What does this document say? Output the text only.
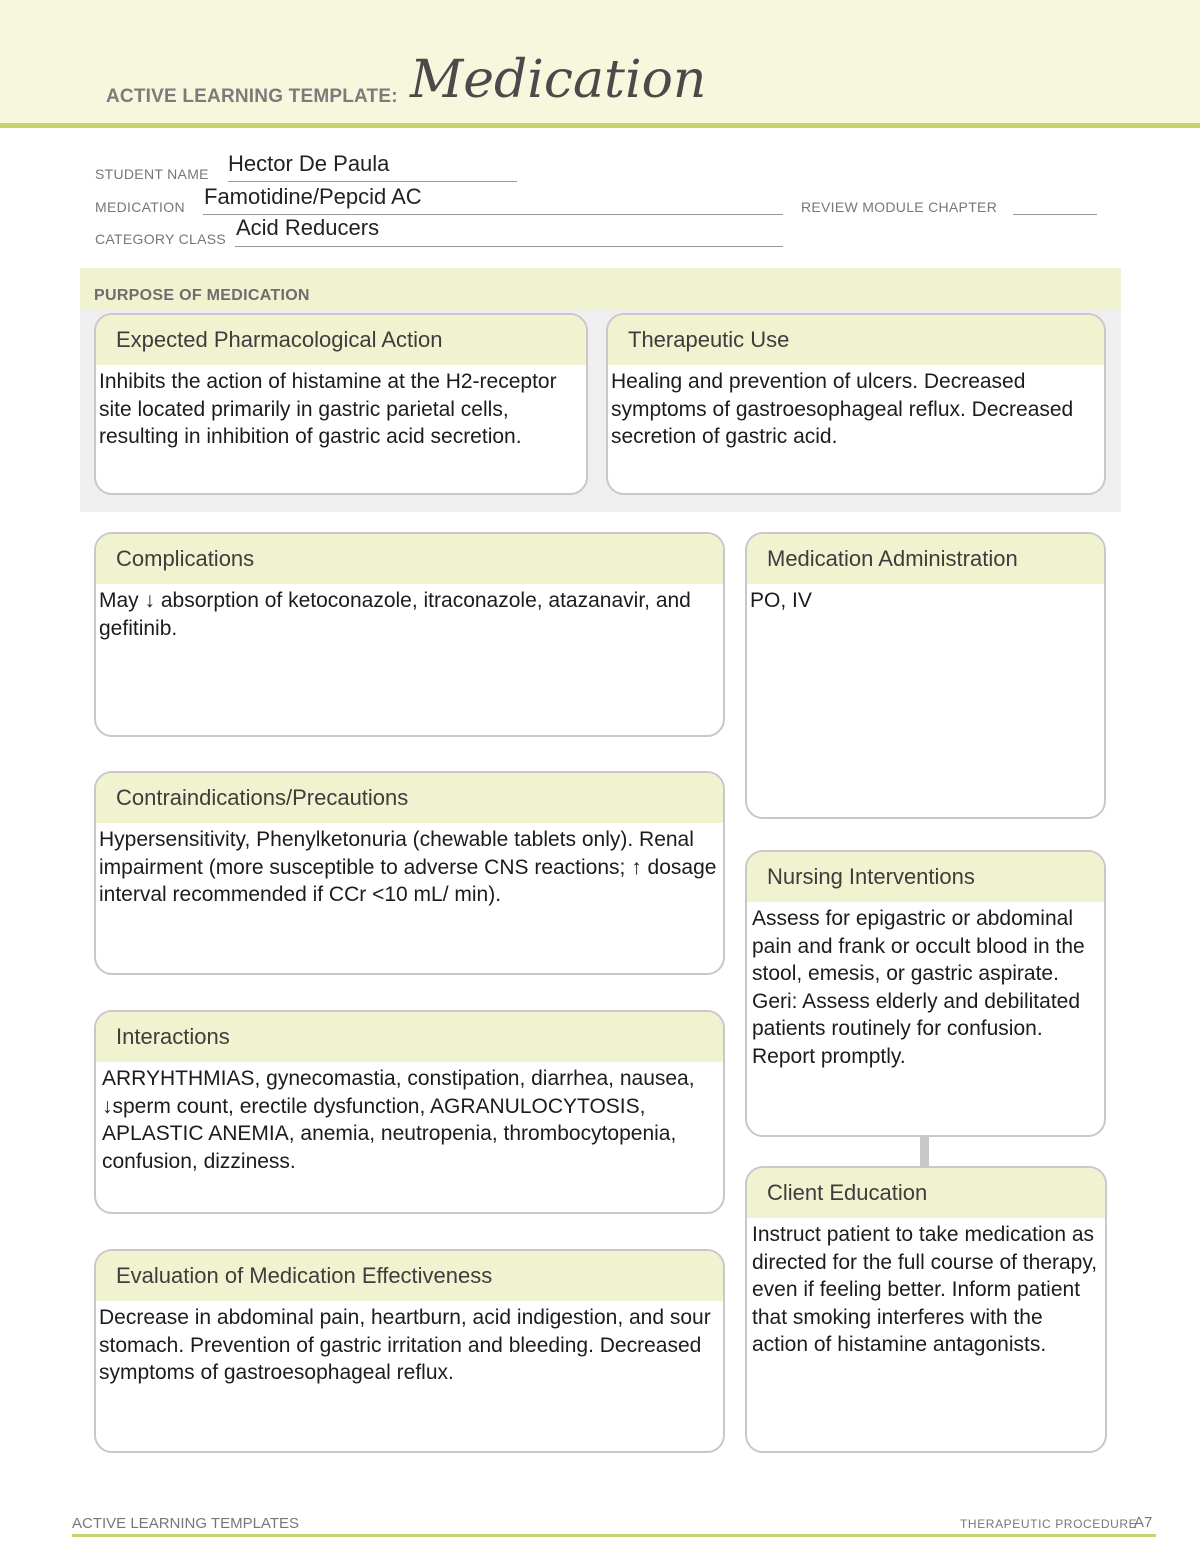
ACTIVE LEARNING TEMPLATE: Medication
STUDENT NAME Hector De Paula
MEDICATION Famotidine/Pepcid AC	REVIEW MODULE CHAPTER
CATEGORY CLASS Acid Reducers
PURPOSE OF MEDICATION
Expected Pharmacological Action
Inhibits the action of histamine at the H2-receptor site located primarily in gastric parietal cells, resulting in inhibition of gastric acid secretion.
Therapeutic Use
Healing and prevention of ulcers. Decreased symptoms of gastroesophageal reflux. Decreased secretion of gastric acid.
Complications
May ↓ absorption of ketoconazole, itraconazole, atazanavir, and gefitinib.
Contraindications/Precautions
Hypersensitivity, Phenylketonuria (chewable tablets only). Renal impairment (more susceptible to adverse CNS reactions; ↑ dosage interval recommended if CCr <10 mL/ min).
Interactions
ARRYHTHMIAS, gynecomastia, constipation, diarrhea, nausea, ↓sperm count, erectile dysfunction, AGRANULOCYTOSIS, APLASTIC ANEMIA, anemia, neutropenia, thrombocytopenia, confusion, dizziness.
Evaluation of Medication Effectiveness
Decrease in abdominal pain, heartburn, acid indigestion, and sour stomach. Prevention of gastric irritation and bleeding. Decreased symptoms of gastroesophageal reflux.
Medication Administration
PO, IV
Nursing Interventions
Assess for epigastric or abdominal pain and frank or occult blood in the stool, emesis, or gastric aspirate. Geri: Assess elderly and debilitated patients routinely for confusion. Report promptly.
Client Education
Instruct patient to take medication as directed for the full course of therapy, even if feeling better. Inform patient that smoking interferes with the action of histamine antagonists.
ACTIVE LEARNING TEMPLATES	THERAPEUTIC PROCEDURE
A7
